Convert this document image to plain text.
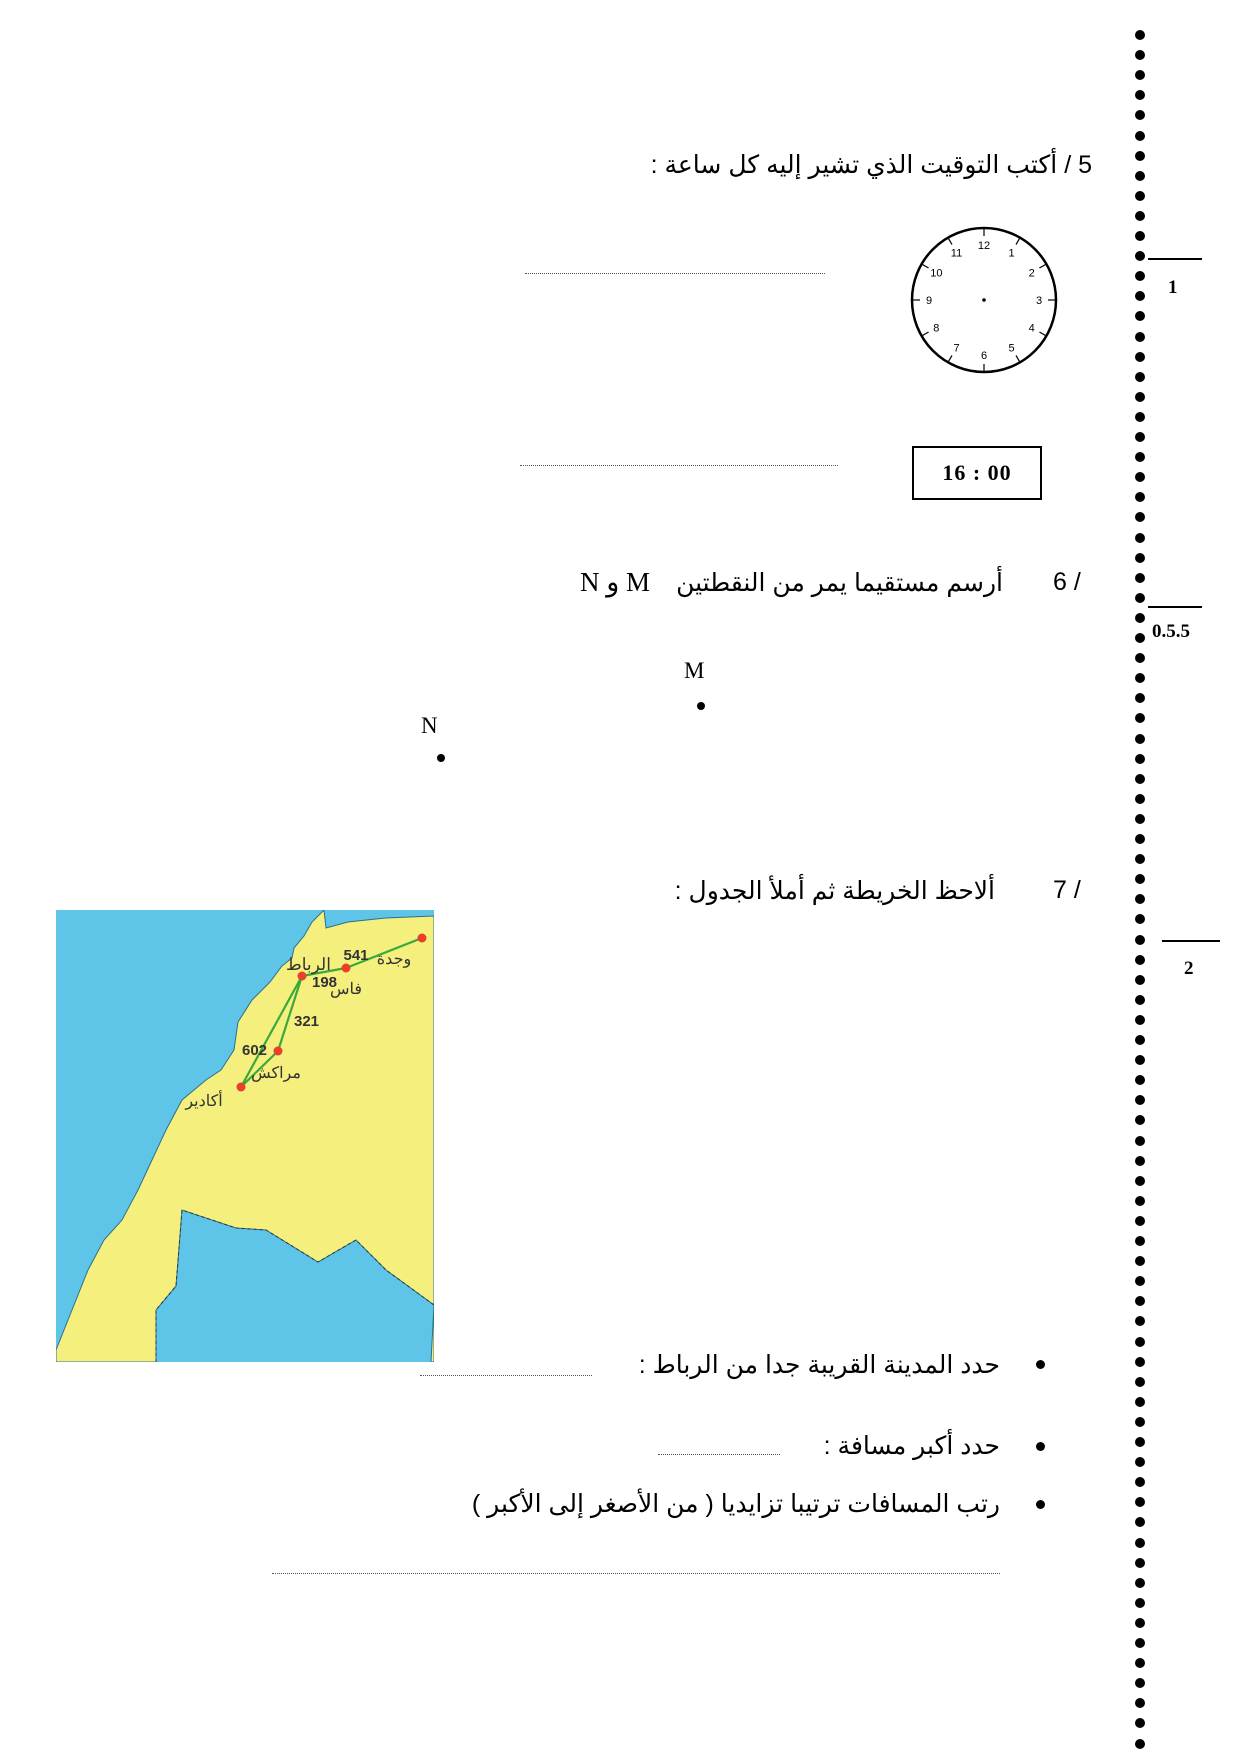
1
0.5.5
2
5 / أكتب التوقيت الذي تشير إليه كل ساعة :
12
1
2
3
4
5
6
7
8
9
10
11
16 : 00
6 /
أرسم مستقيما يمر من النقطتين
M و N
M
N
7 /
ألاحظ الخريطة ثم أملأ الجدول :
الرباط
فاس
وجدة
مراكش
أكادير
541
198
321
602
حدد المدينة القريبة جدا من الرباط :
حدد أكبر مسافة :
رتب المسافات ترتيبا تزايديا ( من الأصغر إلى الأكبر )
